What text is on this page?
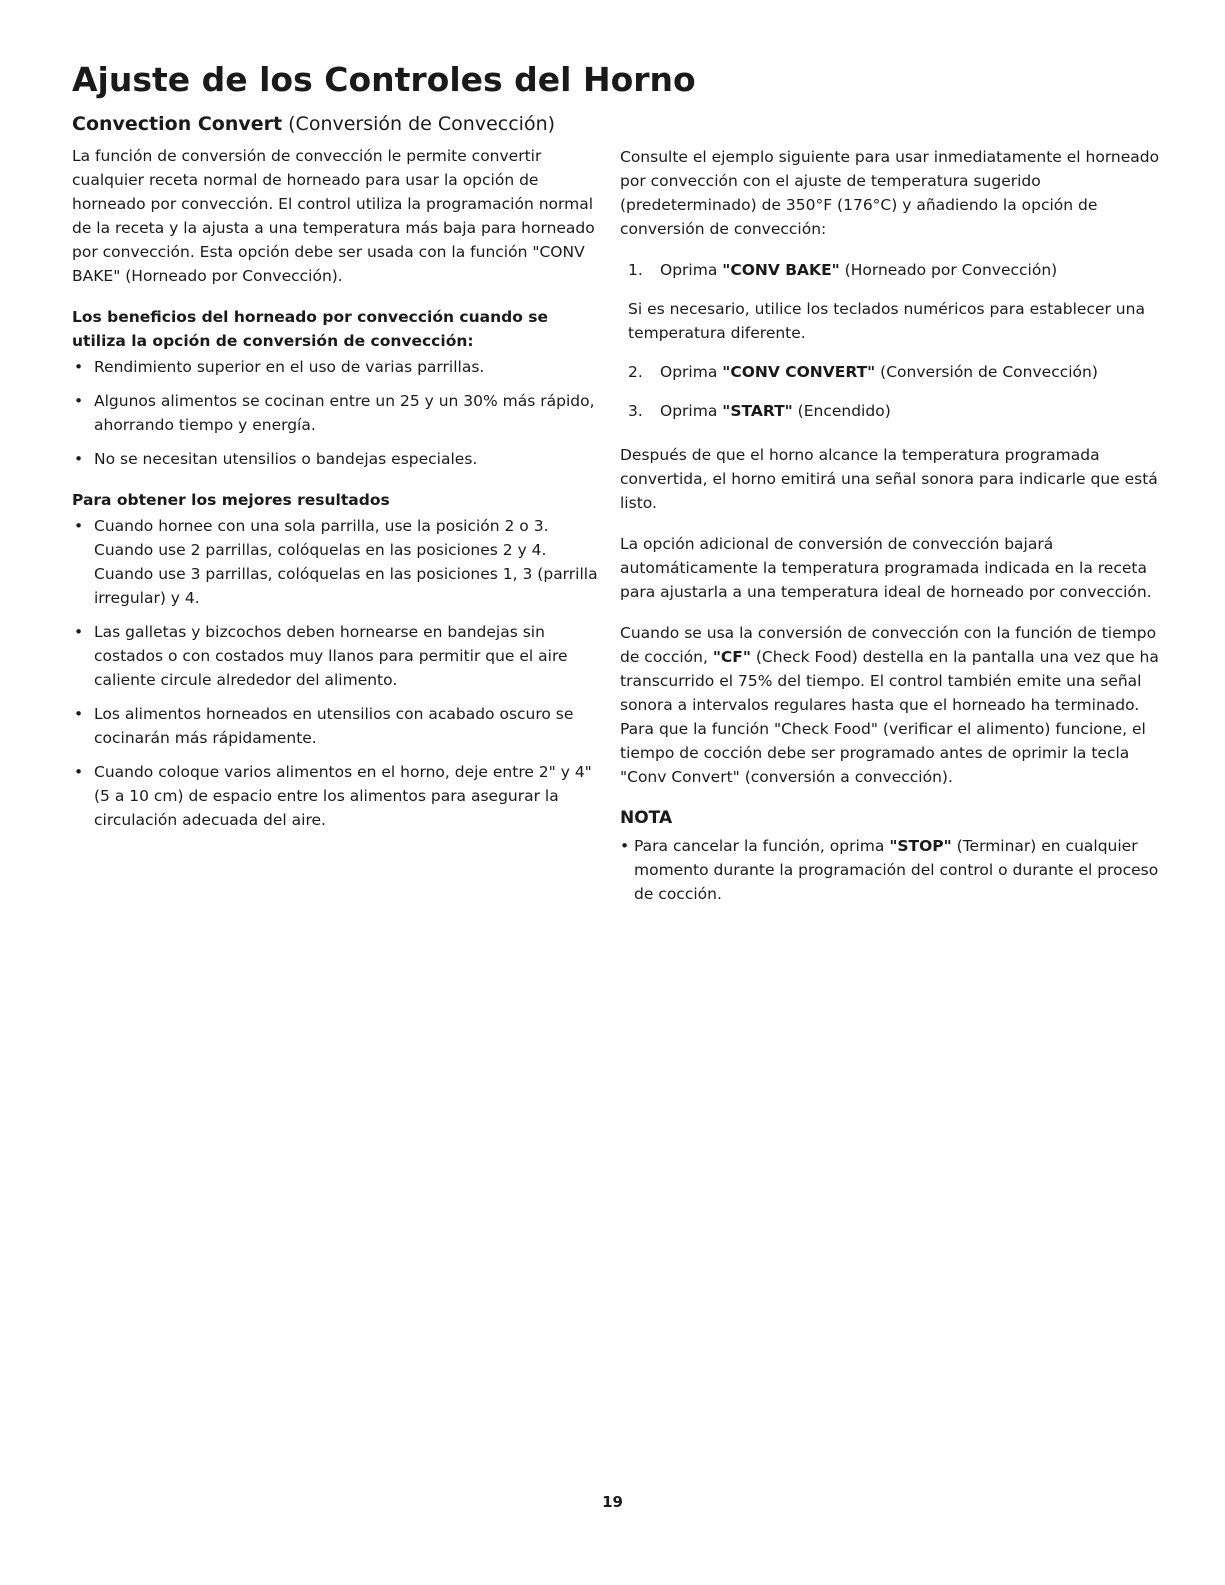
Ajuste de los Controles del Horno
Convection Convert (Conversión de Convección)

La función de conversión de convección le permite convertir cualquier receta normal de horneado para usar la opción de horneado por convección. El control utiliza la programación normal de la receta y la ajusta a una temperatura más baja para horneado por convección. Esta opción debe ser usada con la función "CONV BAKE" (Horneado por Convección).

Los beneficios del horneado por convección cuando se utiliza la opción de conversión de convección:

• Rendimiento superior en el uso de varias parrillas.
• Algunos alimentos se cocinan entre un 25 y un 30% más rápido, ahorrando tiempo y energía.
• No se necesitan utensilios o bandejas especiales.

Para obtener los mejores resultados

• Cuando hornee con una sola parrilla, use la posición 2 o 3. Cuando use 2 parrillas, colóquelas en las posiciones 2 y 4. Cuando use 3 parrillas, colóquelas en las posiciones 1, 3 (parrilla irregular) y 4.
• Las galletas y bizcochos deben hornearse en bandejas sin costados o con costados muy llanos para permitir que el aire caliente circule alrededor del alimento.
• Los alimentos horneados en utensilios con acabado oscuro se cocinarán más rápidamente.
• Cuando coloque varios alimentos en el horno, deje entre 2" y 4" (5 a 10 cm) de espacio entre los alimentos para asegurar la circulación adecuada del aire.

Consulte el ejemplo siguiente para usar inmediatamente el horneado por convección con el ajuste de temperatura sugerido (predeterminado) de 350°F (176°C) y añadiendo la opción de conversión de convección:

1. Oprima "CONV BAKE" (Horneado por Convección)

Si es necesario, utilice los teclados numéricos para establecer una temperatura diferente.

2. Oprima "CONV CONVERT" (Conversión de Convección)
3. Oprima "START" (Encendido)

Después de que el horno alcance la temperatura programada convertida, el horno emitirá una señal sonora para indicarle que está listo.

La opción adicional de conversión de convección bajará automáticamente la temperatura programada indicada en la receta para ajustarla a una temperatura ideal de horneado por convección.

Cuando se usa la conversión de convección con la función de tiempo de cocción, "CF" (Check Food) destella en la pantalla una vez que ha transcurrido el 75% del tiempo. El control también emite una señal sonora a intervalos regulares hasta que el horneado ha terminado. Para que la función "Check Food" (verificar el alimento) funcione, el tiempo de cocción debe ser programado antes de oprimir la tecla "Conv Convert" (conversión a convección).

NOTA

• Para cancelar la función, oprima "STOP" (Terminar) en cualquier momento durante la programación del control o durante el proceso de cocción.
19
